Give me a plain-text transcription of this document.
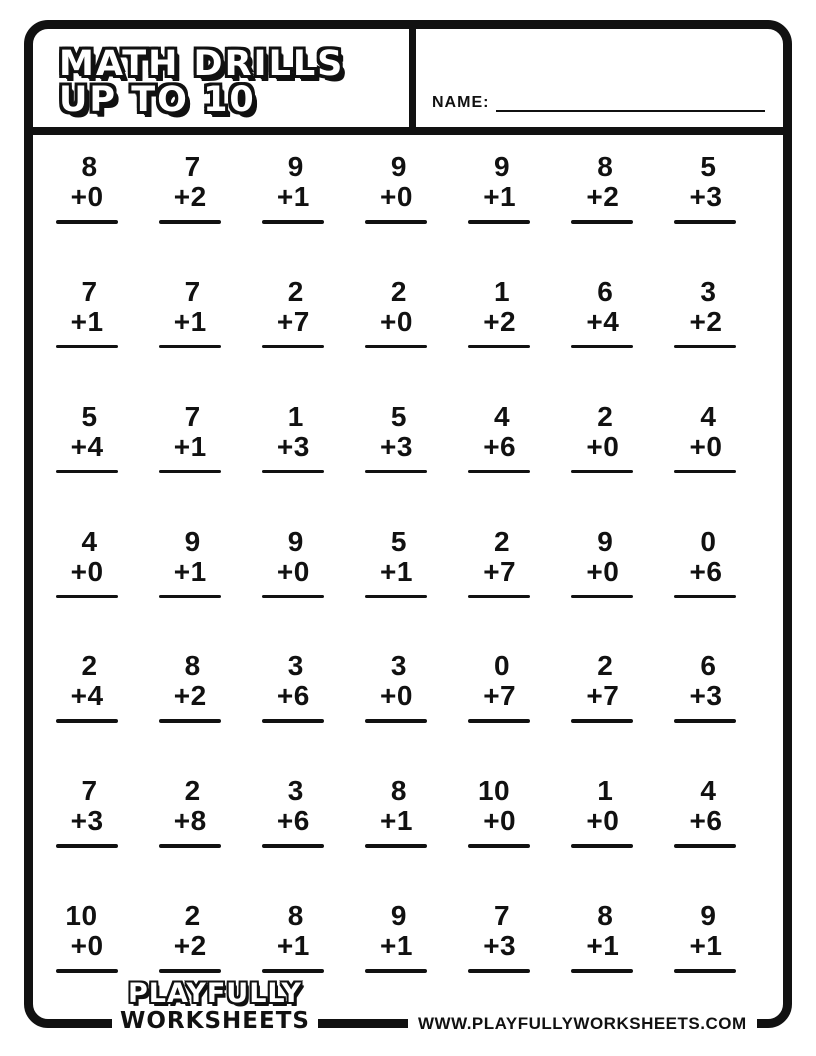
MATH DRILLS
UP TO 10	NAME:
8
+0
7
+2
9
+1
9
+0
9
+1
8
+2
5
+3
7
+1
7
+1
2
+7
2
+0
1
+2
6
+4
3
+2
5
+4
7
+1
1
+3
5
+3
4
+6
2
+0
4
+0
4
+0
9
+1
9
+0
5
+1
2
+7
9
+0
0
+6
2
+4
8
+2
3
+6
3
+0
0
+7
2
+7
6
+3
7
+3
2
+8
3
+6
8
+1
10
+0
1
+0
4
+6
10
+0
2
+2
8
+1
9
+1
7
+3
8
+1
9
+1
PLAYFULLY
WORKSHEETS	WWW.PLAYFULLYWORKSHEETS.COM
